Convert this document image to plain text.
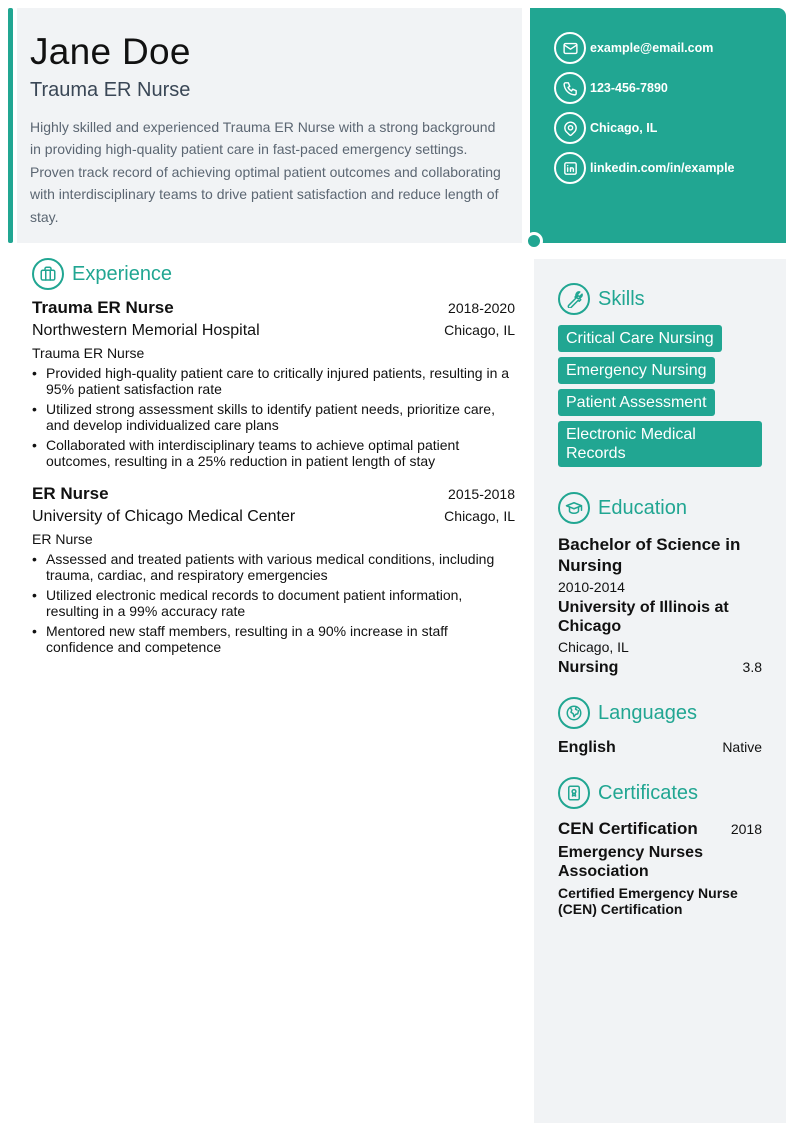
Jane Doe
Trauma ER Nurse
Highly skilled and experienced Trauma ER Nurse with a strong background in providing high-quality patient care in fast-paced emergency settings. Proven track record of achieving optimal patient outcomes and collaborating with interdisciplinary teams to drive patient satisfaction and reduce length of stay.
example@email.com
123-456-7890
Chicago, IL
linkedin.com/in/example
Experience
Trauma ER Nurse	2018-2020
Northwestern Memorial Hospital	Chicago, IL
Trauma ER Nurse
• Provided high-quality patient care to critically injured patients, resulting in a 95% patient satisfaction rate
• Utilized strong assessment skills to identify patient needs, prioritize care, and develop individualized care plans
• Collaborated with interdisciplinary teams to achieve optimal patient outcomes, resulting in a 25% reduction in patient length of stay
ER Nurse	2015-2018
University of Chicago Medical Center	Chicago, IL
ER Nurse
• Assessed and treated patients with various medical conditions, including trauma, cardiac, and respiratory emergencies
• Utilized electronic medical records to document patient information, resulting in a 99% accuracy rate
• Mentored new staff members, resulting in a 90% increase in staff confidence and competence
Skills
Critical Care Nursing
Emergency Nursing
Patient Assessment
Electronic Medical Records
Education
Bachelor of Science in Nursing
2010-2014
University of Illinois at Chicago
Chicago, IL
Nursing	3.8
Languages
English	Native
Certificates
CEN Certification 2018
Emergency Nurses Association
Certified Emergency Nurse (CEN) Certification
